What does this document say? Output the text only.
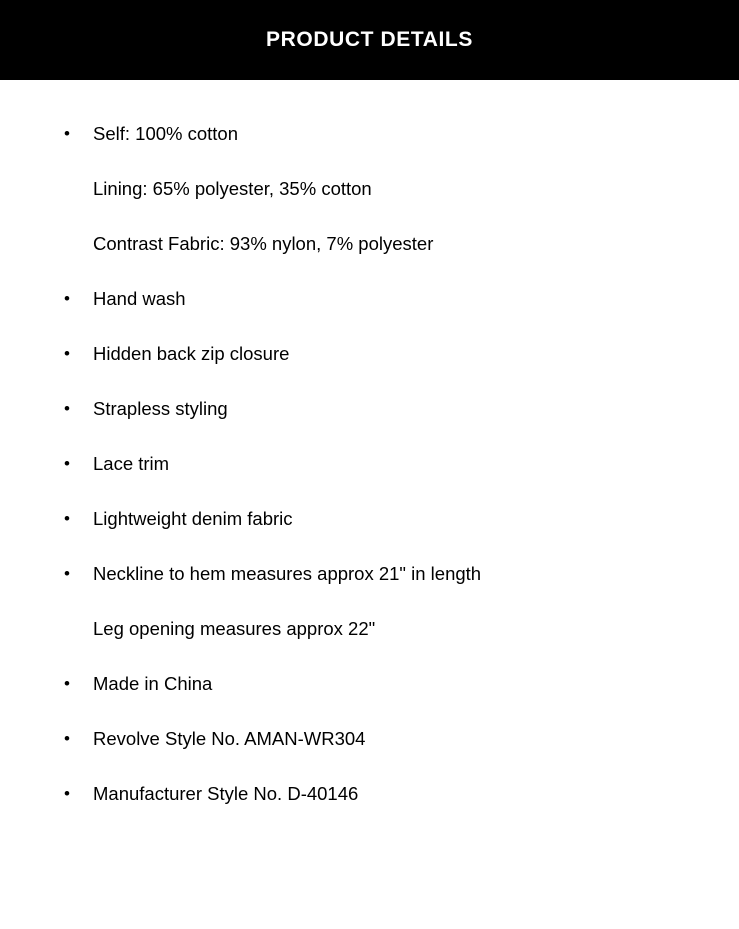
PRODUCT DETAILS
• Self: 100% cotton
Lining: 65% polyester, 35% cotton
Contrast Fabric: 93% nylon, 7% polyester
• Hand wash
• Hidden back zip closure
• Strapless styling
• Lace trim
• Lightweight denim fabric
• Neckline to hem measures approx 21" in length
Leg opening measures approx 22"
• Made in China
• Revolve Style No. AMAN-WR304
• Manufacturer Style No. D-40146
